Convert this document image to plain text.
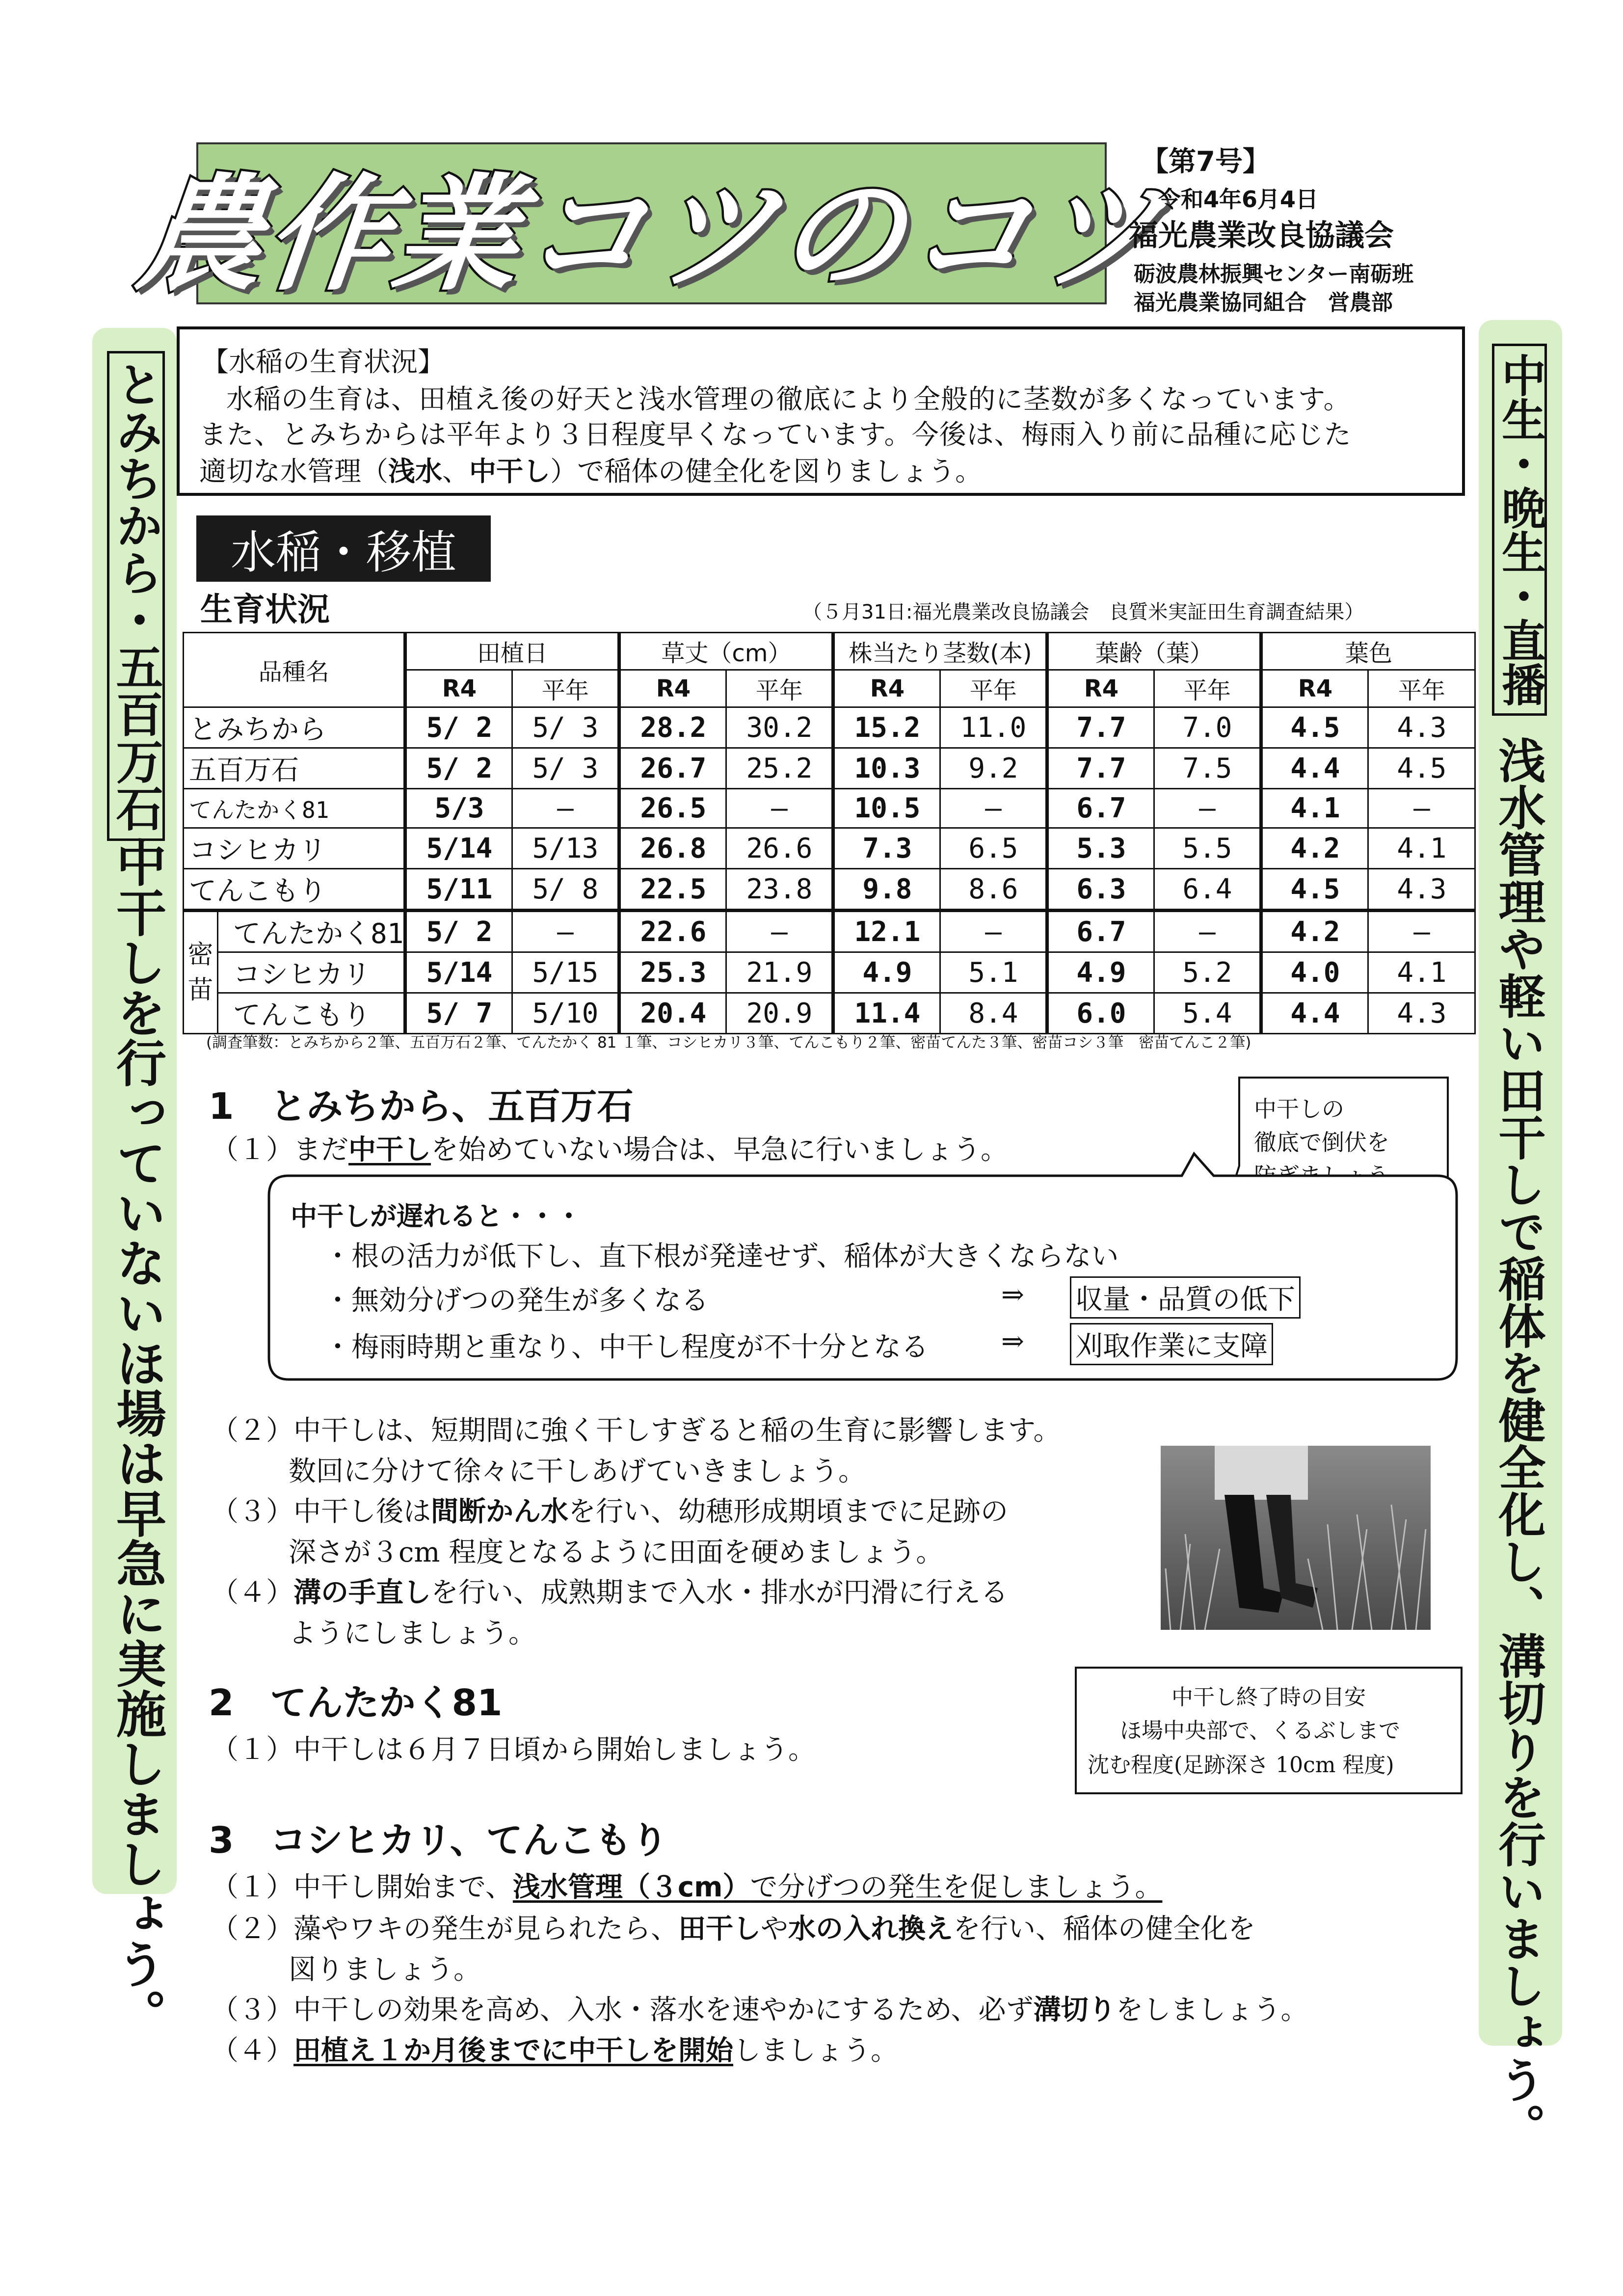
農作業コツのコツ
【第7号】
令和4年6月4日
福光農業改良協議会
砺波農林振興センター南砺班
福光農業協同組合　営農部
とみちから・五百万石
中干しを行っていないほ場は早急に実施しましょう。
中生・晩生・直播
浅水管理や軽い田干しで稲体を健全化し、溝切りを行いましょう。
【水稲の生育状況】
水稲の生育は、田植え後の好天と浅水管理の徹底により全般的に茎数が多くなっています。
また、とみちからは平年より３日程度早くなっています。今後は、梅雨入り前に品種に応じた
適切な水管理（浅水、中干し）で稲体の健全化を図りましょう。
水稲・移植
生育状況	（５月31日:福光農業改良協議会　良質米実証田生育調査結果）
品種名		田植日		草丈（cm）		株当たり茎数(本)		葉齢（葉）		葉色	
		R4	平年	R4	平年	R4	平年	R4	平年	R4	平年
とみちから		5/ 2	5/ 3	28.2	30.2	15.2	11.0	7.7	7.0	4.5	4.3
五百万石		5/ 2	5/ 3	26.7	25.2	10.3	9.2	7.7	7.5	4.4	4.5
てんたかく81		5/3	―	26.5	―	10.5	―	6.7	―	4.1	―
コシヒカリ		5/14	5/13	26.8	26.6	7.3	6.5	5.3	5.5	4.2	4.1
てんこもり		5/11	5/ 8	22.5	23.8	9.8	8.6	6.3	6.4	4.5	4.3
密苗	てんたかく81	5/ 2	―	22.6	―	12.1	―	6.7	―	4.2	―
	コシヒカリ	5/14	5/15	25.3	21.9	4.9	5.1	4.9	5.2	4.0	4.1
	てんこもり	5/ 7	5/10	20.4	20.9	11.4	8.4	6.0	5.4	4.4	4.3
(調査筆数：とみちから２筆、五百万石２筆、てんたかく 81 １筆、コシヒカリ３筆、てんこもり２筆、密苗てんた３筆、密苗コシ３筆　密苗てんこ２筆)
1　とみちから、五百万石
（１）まだ中干しを始めていない場合は、早急に行いましょう。
中干しの
徹底で倒伏を
中干しが遅れると・・・
・根の活力が低下し、直下根が発達せず、稲体が大きくならない
・無効分げつの発生が多くなる	⇒ 収量・品質の低下
・梅雨時期と重なり、中干し程度が不十分となる	⇒ 刈取作業に支障
（２）中干しは、短期間に強く干しすぎると稲の生育に影響します。
数回に分けて徐々に干しあげていきましょう。
（３）中干し後は間断かん水を行い、幼穂形成期頃までに足跡の
深さが３cm 程度となるように田面を硬めましょう。
（４）溝の手直しを行い、成熟期まで入水・排水が円滑に行える
ようにしましょう。
中干し終了時の目安
ほ場中央部で、くるぶしまで
沈む程度(足跡深さ 10cm 程度)
2　てんたかく81
（１）中干しは６月７日頃から開始しましょう。
3　コシヒカリ、てんこもり
（１）中干し開始まで、浅水管理（３cm）で分げつの発生を促しましょう。
（２）藻やワキの発生が見られたら、田干しや水の入れ換えを行い、稲体の健全化を
図りましょう。
（３）中干しの効果を高め、入水・落水を速やかにするため、必ず溝切りをしましょう。
（４）田植え１か月後までに中干しを開始しましょう。
